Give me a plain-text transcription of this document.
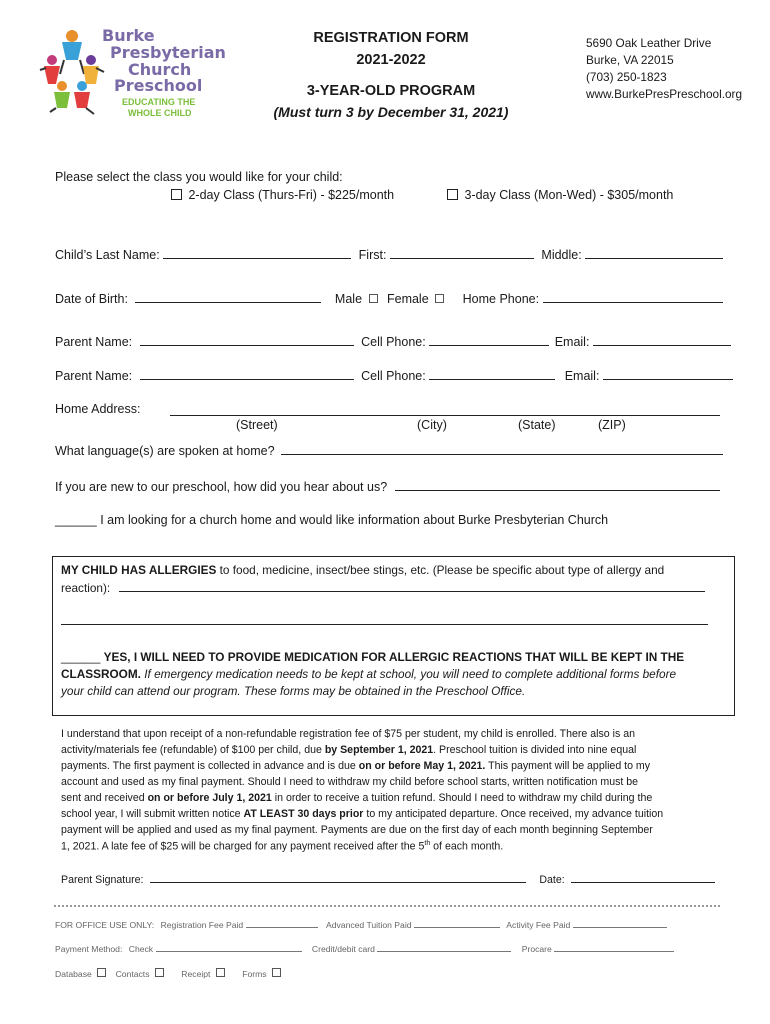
Burke
Presbyterian
Church
Preschool
EDUCATING THE
WHOLE CHILD
REGISTRATION FORM
2021-2022
3-YEAR-OLD PROGRAM
(Must turn 3 by December 31, 2021)
5690 Oak Leather Drive
Burke, VA 22015
(703) 250-1823
www.BurkePresPreschool.org
Please select the class you would like for your child:
2-day Class (Thurs-Fri) - $225/month	3-day Class (Mon-Wed) - $305/month
Child’s Last Name:	First:	Middle:
Date of Birth:	Male Female	Home Phone:
Parent Name:	Cell Phone:	Email:
Parent Name:	Cell Phone:	Email:
Home Address:
(Street)	(City)	(State)	(ZIP)
What language(s) are spoken at home?
If you are new to our preschool, how did you hear about us?
______ I am looking for a church home and would like information about Burke Presbyterian Church
MY CHILD HAS ALLERGIES to food, medicine, insect/bee stings, etc. (Please be specific about type of allergy and
reaction):
______ YES, I WILL NEED TO PROVIDE MEDICATION FOR ALLERGIC REACTIONS THAT WILL BE KEPT IN THE
CLASSROOM. If emergency medication needs to be kept at school, you will need to complete additional forms before
your child can attend our program. These forms may be obtained in the Preschool Office.
I understand that upon receipt of a non-refundable registration fee of $75 per student, my child is enrolled. There also is an
activity/materials fee (refundable) of $100 per child, due by September 1, 2021. Preschool tuition is divided into nine equal
payments. The first payment is collected in advance and is due on or before May 1, 2021. This payment will be applied to my
account and used as my final payment. Should I need to withdraw my child before school starts, written notification must be
sent and received on or before July 1, 2021 in order to receive a tuition refund. Should I need to withdraw my child during the
school year, I will submit written notice AT LEAST 30 days prior to my anticipated departure. Once received, my advance tuition
payment will be applied and used as my final payment. Payments are due on the first day of each month beginning September
1, 2021. A late fee of $25 will be charged for any payment received after the 5th of each month.
Parent Signature:	Date:
FOR OFFICE USE ONLY: Registration Fee Paid	Advanced Tuition Paid	Activity Fee Paid
Payment Method: Check	Credit/debit card	Procare
Database	Contacts	Receipt	Forms
